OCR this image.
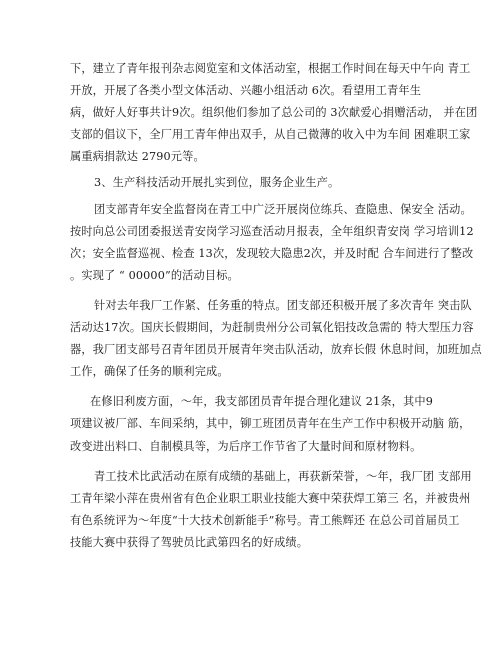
下，建立了青年报刊杂志阅览室和文体活动室，根据工作时间在每天中午向 青工
开放，开展了各类小型文体活动、兴趣小组活动 6次。看望用工青年生
病，做好人好事共计9次。组织他们参加了总公司的 3次献爱心捐赠活动， 并在团
支部的倡议下，全厂用工青年伸出双手，从自己微薄的收入中为车间 困难职工家
属重病捐款达 2790元等。
3、生产科技活动开展扎实到位，服务企业生产。
团支部青年安全监督岗在青工中广泛开展岗位练兵、查隐患、保安全 活动。
按时向总公司团委报送青安岗学习巡查活动月报表，全年组织青安岗 学习培训12
次；安全监督巡视、检查 13次，发现较大隐患2次，并及时配 合车间进行了整改
。实现了 “ 00000”的活动目标。
针对去年我厂工作紧、任务重的特点。团支部还积极开展了多次青年 突击队
活动达17次。国庆长假期间，为赶制贵州分公司氧化铝技改急需的 特大型压力容
器，我厂团支部号召青年团员开展青年突击队活动，放弃长假 休息时间，加班加点
工作，确保了任务的顺利完成。
在修旧利废方面，～年，我支部团员青年提合理化建议 21条，其中9
项建议被厂部、车间采纳，其中，铆工班团员青年在生产工作中积极开动脑 筋，
改变进出料口、自制模具等，为后序工作节省了大量时间和原材物料。
青工技术比武活动在原有成绩的基础上，再获新荣誉，～年，我厂团 支部用
工青年梁小萍在贵州省有色企业职工职业技能大赛中荣获焊工第三 名，并被贵州
有色系统评为～年度“十大技术创新能手”称号。青工熊辉还 在总公司首届员工
技能大赛中获得了驾驶员比武第四名的好成绩。
